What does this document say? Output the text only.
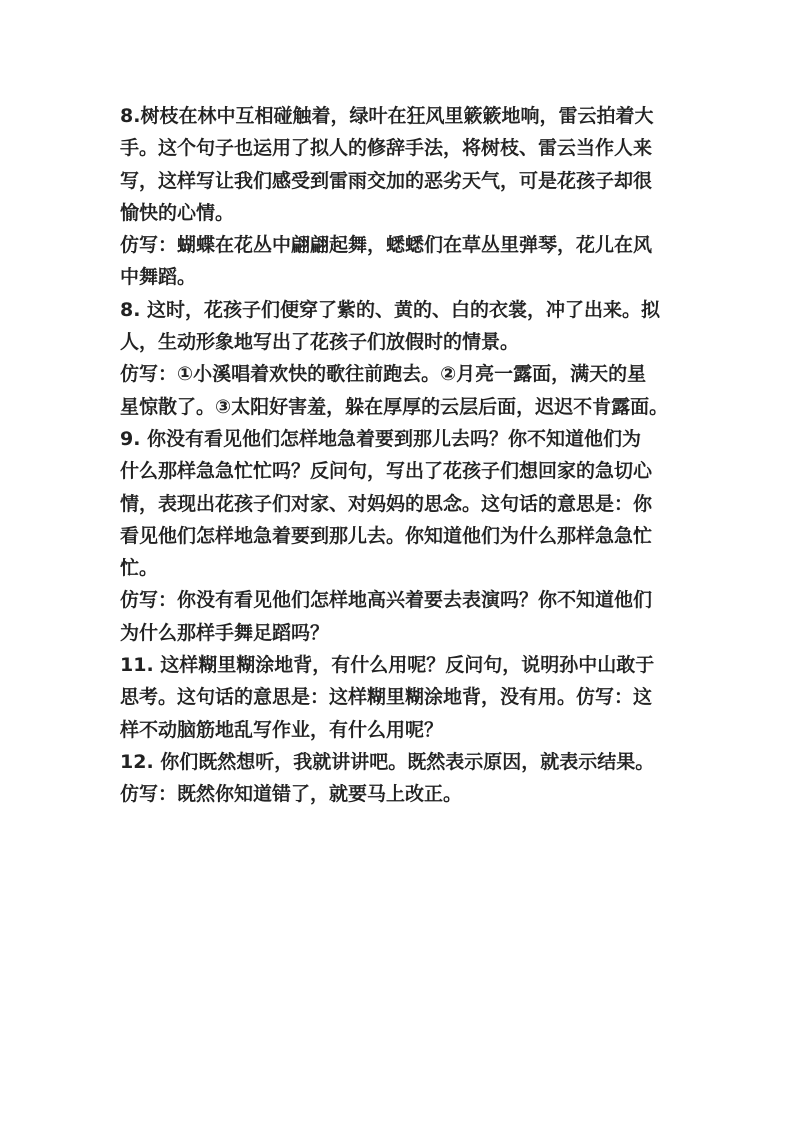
8.树枝在林中互相碰触着，绿叶在狂风里簌簌地响，雷云拍着大
手。这个句子也运用了拟人的修辞手法，将树枝、雷云当作人来
写，这样写让我们感受到雷雨交加的恶劣天气，可是花孩子却很
愉快的心情。

仿写：蝴蝶在花丛中翩翩起舞，蟋蟋们在草丛里弹琴，花儿在风
中舞蹈。

8. 这时，花孩子们便穿了紫的、黄的、白的衣裳，冲了出来。拟
人，生动形象地写出了花孩子们放假时的情景。

仿写：①小溪唱着欢快的歌往前跑去。②月亮一露面，满天的星
星惊散了。③太阳好害羞，躲在厚厚的云层后面，迟迟不肯露面。

9. 你没有看见他们怎样地急着要到那儿去吗？你不知道他们为
什么那样急急忙忙吗？反问句，写出了花孩子们想回家的急切心
情，表现出花孩子们对家、对妈妈的思念。这句话的意思是：你
看见他们怎样地急着要到那儿去。你知道他们为什么那样急急忙
忙。

仿写：你没有看见他们怎样地高兴着要去表演吗？你不知道他们
为什么那样手舞足蹈吗？

11. 这样糊里糊涂地背，有什么用呢？反问句，说明孙中山敢于
思考。这句话的意思是：这样糊里糊涂地背，没有用。仿写：这
样不动脑筋地乱写作业，有什么用呢？

12. 你们既然想听，我就讲讲吧。既然表示原因，就表示结果。

仿写：既然你知道错了，就要马上改正。
